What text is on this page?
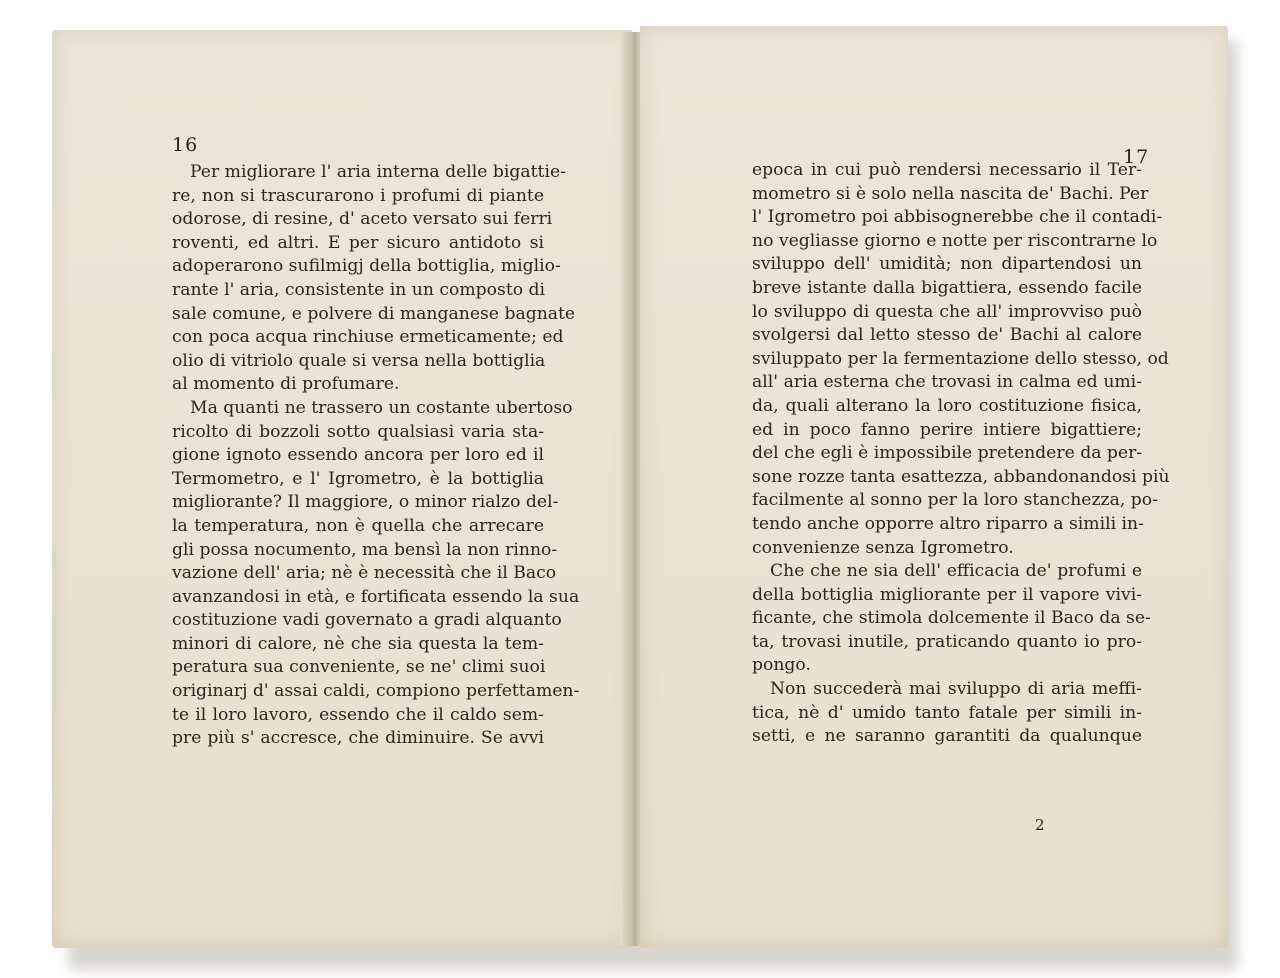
16
Per migliorare l' aria interna delle bigattie-
re, non si trascurarono i profumi di piante
odorose, di resine, d' aceto versato sui ferri
roventi, ed altri. E per sicuro antidoto si
adoperarono sufilmigj della bottiglia, miglio-
rante l' aria, consistente in un composto di
sale comune, e polvere di manganese bagnate
con poca acqua rinchiuse ermeticamente; ed
olio di vitriolo quale si versa nella bottiglia
al momento di profumare.
Ma quanti ne trassero un costante ubertoso
ricolto di bozzoli sotto qualsiasi varia sta-
gione ignoto essendo ancora per loro ed il
Termometro, e l' Igrometro, è la bottiglia
migliorante? Il maggiore, o minor rialzo del-
la temperatura, non è quella che arrecare
gli possa nocumento, ma bensì la non rinno-
vazione dell' aria; nè è necessità che il Baco
avanzandosi in età, e fortificata essendo la sua
costituzione vadi governato a gradi alquanto
minori di calore, nè che sia questa la tem-
peratura sua conveniente, se ne' climi suoi
originarj d' assai caldi, compiono perfettamen-
te il loro lavoro, essendo che il caldo sem-
pre più s' accresce, che diminuire. Se avvi
17
epoca in cui può rendersi necessario il Ter-
mometro si è solo nella nascita de' Bachi. Per
l' Igrometro poi abbisognerebbe che il contadi-
no vegliasse giorno e notte per riscontrarne lo
sviluppo dell' umidità; non dipartendosi un
breve istante dalla bigattiera, essendo facile
lo sviluppo di questa che all' improvviso può
svolgersi dal letto stesso de' Bachi al calore
sviluppato per la fermentazione dello stesso, od
all' aria esterna che trovasi in calma ed umi-
da, quali alterano la loro costituzione fisica,
ed in poco fanno perire intiere bigattiere;
del che egli è impossibile pretendere da per-
sone rozze tanta esattezza, abbandonandosi più
facilmente al sonno per la loro stanchezza, po-
tendo anche opporre altro riparro a simili in-
convenienze senza Igrometro.
Che che ne sia dell' efficacia de' profumi e
della bottiglia migliorante per il vapore vivi-
ficante, che stimola dolcemente il Baco da se-
ta, trovasi inutile, praticando quanto io pro-
pongo.
Non succederà mai sviluppo di aria meffi-
tica, nè d' umido tanto fatale per simili in-
setti, e ne saranno garantiti da qualunque
2
